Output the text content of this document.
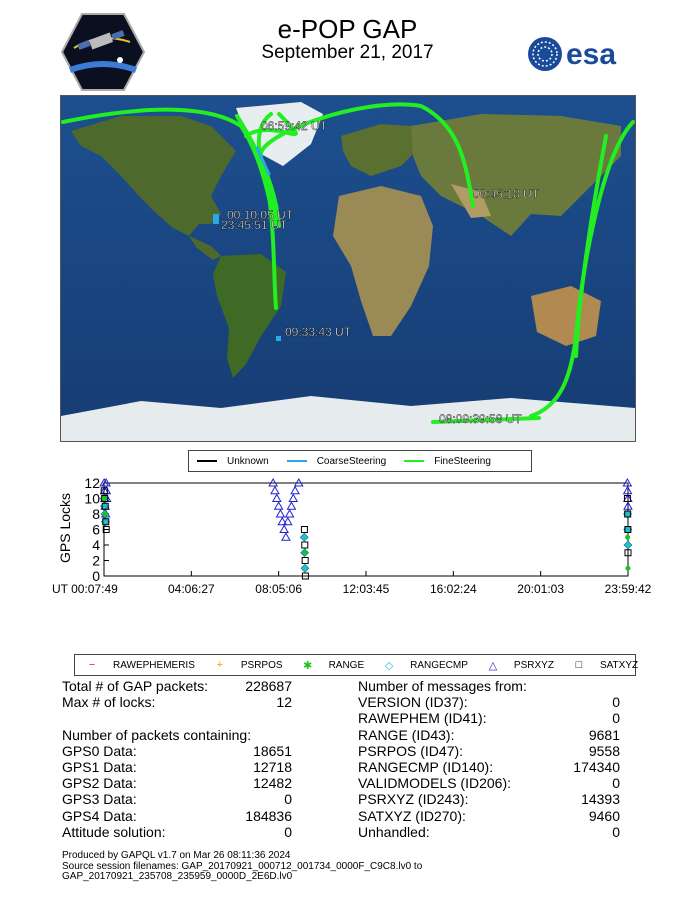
e-POP GAP
September 21, 2017	esa
00:45:18 UT
06:59:42 UT
00:10:05 UT
23:45:51 UT
09:33:43 UT
08:09:39:58 UT
Unknown	CoarseSteering	FineSteering
GPS Locks
0
2
4
6
8
10
12
UT 00:07:49	04:06:27	08:05:06	12:03:45	16:02:24	20:01:03	23:59:42
−	RAWEPHEMERIS	+	PSRPOS	✱	RANGE	◇	RANGECMP	△	PSRXYZ	□	SATXYZ
Total # of GAP packets:	228687
Max # of locks:	12
Number of packets containing:
GPS0 Data:	18651
GPS1 Data:	12718
GPS2 Data:	12482
GPS3 Data:	0
GPS4 Data:	184836
Attitude solution:	0
Number of messages from:
VERSION (ID37):	0
RAWEPHEM (ID41):	0
RANGE (ID43):	9681
PSRPOS (ID47):	9558
RANGECMP (ID140):	174340
VALIDMODELS (ID206):	0
PSRXYZ (ID243):	14393
SATXYZ (ID270):	9460
Unhandled:	0
Produced by GAPQL v1.7 on Mar 26 08:11:36 2024
Source session filenames: GAP_20170921_000712_001734_0000F_C9C8.lv0 to
GAP_20170921_235708_235959_0000D_2E6D.lv0
